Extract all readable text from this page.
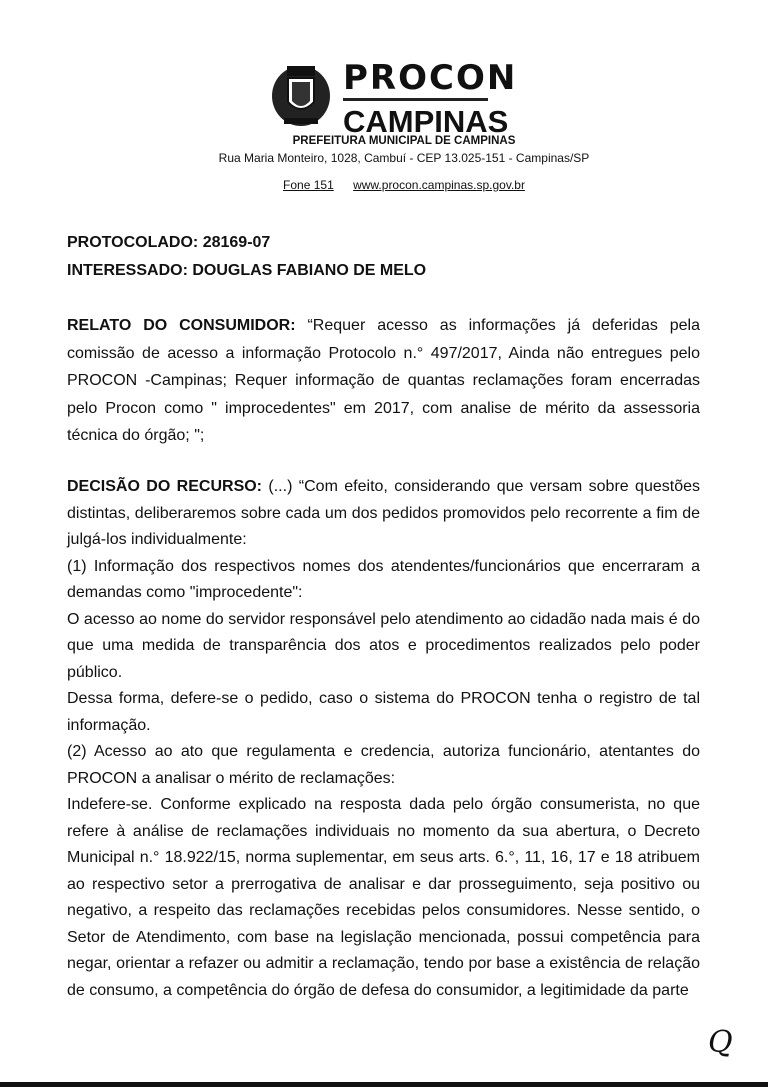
PROCON
CAMPINAS
PREFEITURA MUNICIPAL DE CAMPINAS
Rua Maria Monteiro, 1028, Cambuí - CEP 13.025-151 - Campinas/SP
Fone 151 www.procon.campinas.sp.gov.br
PROTOCOLADO: 28169-07
INTERESSADO: DOUGLAS FABIANO DE MELO
RELATO DO CONSUMIDOR: “Requer acesso as informações já deferidas pela comissão de acesso a informação Protocolo n.° 497/2017, Ainda não entregues pelo PROCON -Campinas; Requer informação de quantas reclamações foram encerradas pelo Procon como " improcedentes" em 2017, com analise de mérito da assessoria técnica do órgão; ";

DECISÃO DO RECURSO: (...) “Com efeito, considerando que versam sobre questões distintas, deliberaremos sobre cada um dos pedidos promovidos pelo recorrente a fim de julgá-los individualmente:

(1) Informação dos respectivos nomes dos atendentes/funcionários que encerraram a demandas como "improcedente":

O acesso ao nome do servidor responsável pelo atendimento ao cidadão nada mais é do que uma medida de transparência dos atos e procedimentos realizados pelo poder público.

Dessa forma, defere-se o pedido, caso o sistema do PROCON tenha o registro de tal informação.

(2) Acesso ao ato que regulamenta e credencia, autoriza funcionário, atentantes do PROCON a analisar o mérito de reclamações:

Indefere-se. Conforme explicado na resposta dada pelo órgão consumerista, no que refere à análise de reclamações individuais no momento da sua abertura, o Decreto Municipal n.° 18.922/15, norma suplementar, em seus arts. 6.°, 11, 16, 17 e 18 atribuem ao respectivo setor a prerrogativa de analisar e dar prosseguimento, seja positivo ou negativo, a respeito das reclamações recebidas pelos consumidores. Nesse sentido, o Setor de Atendimento, com base na legislação mencionada, possui competência para negar, orientar a refazer ou admitir a reclamação, tendo por base a existência de relação de consumo, a competência do órgão de defesa do consumidor, a legitimidade da parte

Q
